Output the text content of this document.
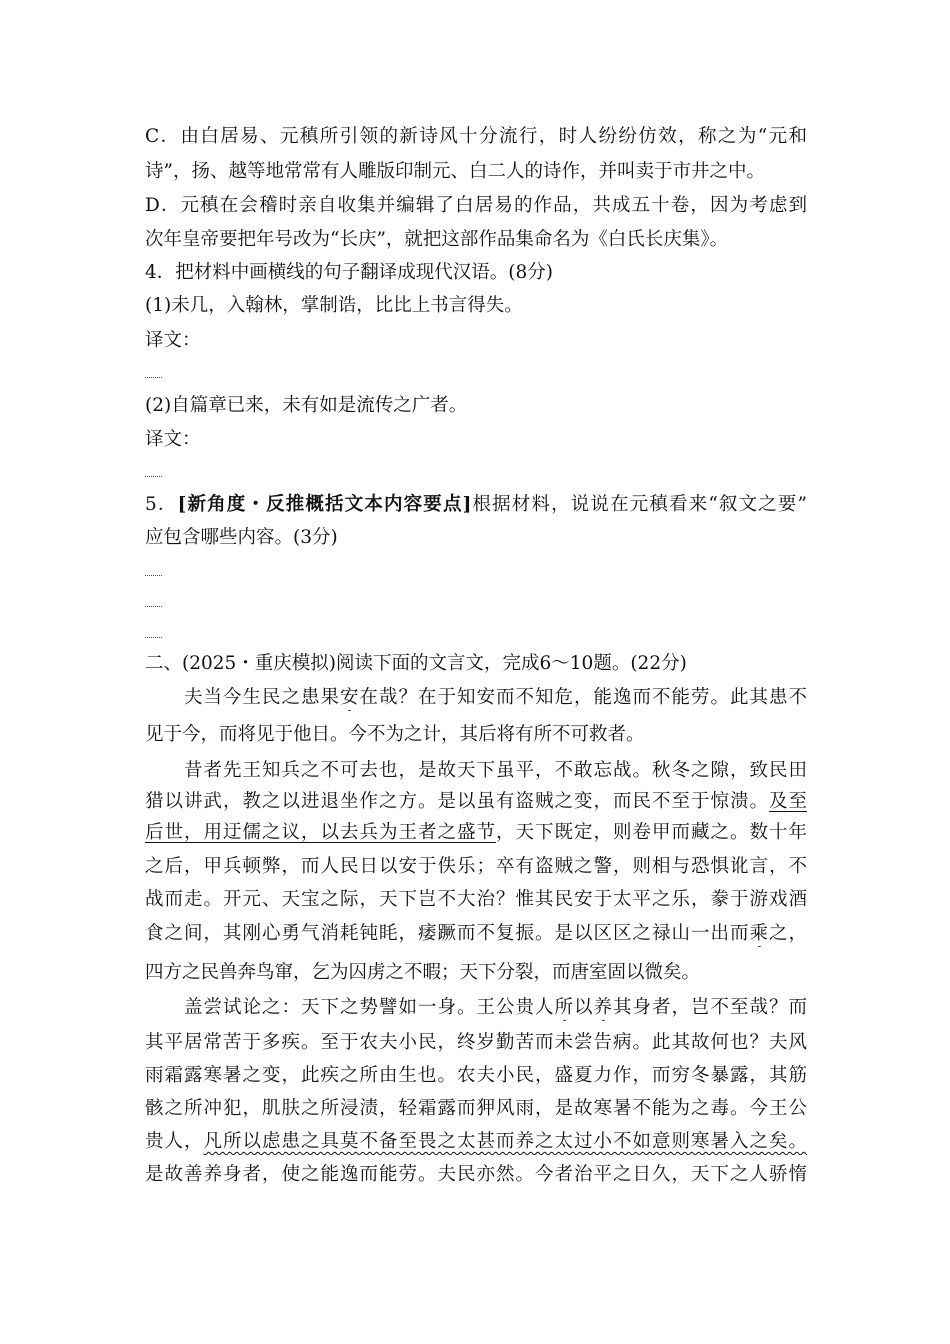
C．由白居易、元稹所引领的新诗风十分流行，时人纷纷仿效，称之为“元和
诗”，扬、越等地常常有人雕版印制元、白二人的诗作，并叫卖于市井之中。
D．元稹在会稽时亲自收集并编辑了白居易的作品，共成五十卷，因为考虑到
次年皇帝要把年号改为“长庆”，就把这部作品集命名为《白氏长庆集》。
4．把材料中画横线的句子翻译成现代汉语。(8分)
(1)未几，入翰林，掌制诰，比比上书言得失。
译文：
(2)自篇章已来，未有如是流传之广者。
译文：
5．[新角度・反推概括文本内容要点]根据材料，说说在元稹看来“叙文之要”
应包含哪些内容。(3分)
二、(2025・重庆模拟)阅读下面的文言文，完成6～10题。(22分)
夫当今生民之患果安在哉？在于知安而不知危，能逸而不能劳。此其患不
见于今，而将见于他日。今不为之计，其后将有所不可救者。
昔者先王知兵之不可去也，是故天下虽平，不敢忘战。秋冬之隙，致民田
猎以讲武，教之以进退坐作之方。是以虽有盗贼之变，而民不至于惊溃。及至
后世，用迂儒之议，以去兵为王者之盛节，天下既定，则卷甲而藏之。数十年
之后，甲兵顿弊，而人民日以安于佚乐；卒有盗贼之警，则相与恐惧讹言，不
战而走。开元、天宝之际，天下岂不大治？惟其民安于太平之乐，豢于游戏酒
食之间，其刚心勇气消耗钝眊，痿蹶而不复振。是以区区之禄山一出而乘之，
四方之民兽奔鸟窜，乞为囚虏之不暇；天下分裂，而唐室固以微矣。
盖尝试论之：天下之势譬如一身。王公贵人所以养其身者，岂不至哉？而
其平居常苦于多疾。至于农夫小民，终岁勤苦而未尝告病。此其故何也？夫风
雨霜露寒暑之变，此疾之所由生也。农夫小民，盛夏力作，而穷冬暴露，其筋
骸之所冲犯，肌肤之所浸渍，轻霜露而狎风雨，是故寒暑不能为之毒。今王公
贵人，凡所以虑患之具莫不备至畏之太甚而养之太过小不如意则寒暑入之矣。
是故善养身者，使之能逸而能劳。夫民亦然。今者治平之日久，天下之人骄惰
